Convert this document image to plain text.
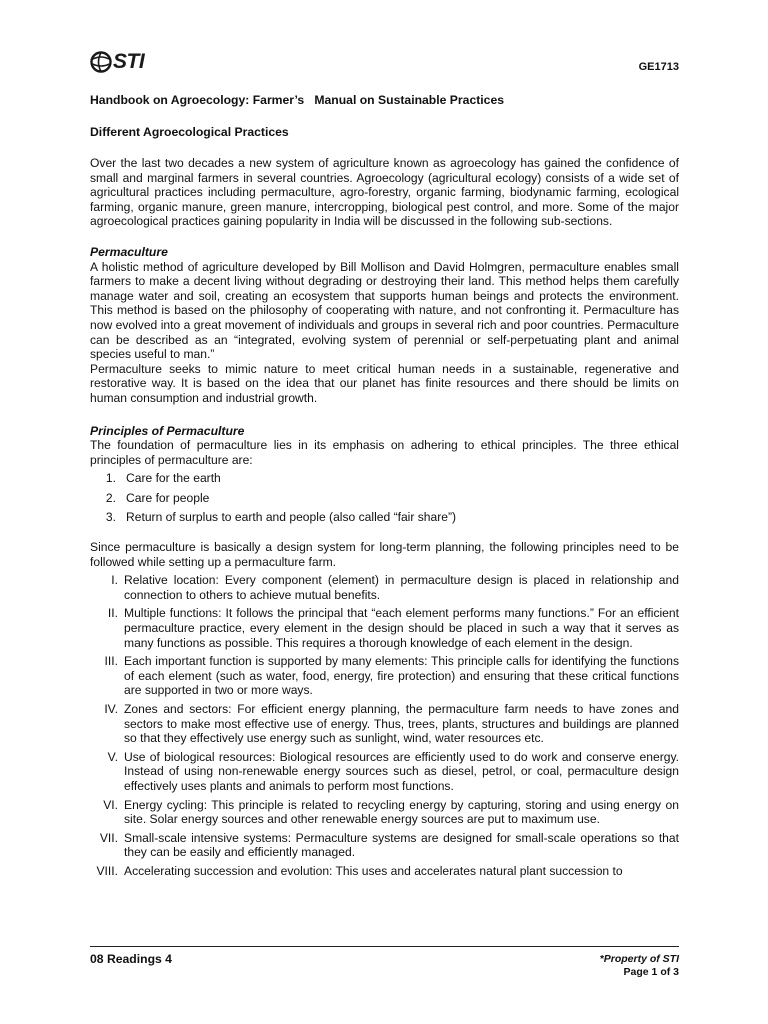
STI	GE1713
Handbook on Agroecology: Farmer’s   Manual on Sustainable Practices
Different Agroecological Practices

Over the last two decades a new system of agriculture known as agroecology has gained the confidence of small and marginal farmers in several countries. Agroecology (agricultural ecology) consists of a wide set of agricultural practices including permaculture, agro-forestry, organic farming, biodynamic farming, ecological farming, organic manure, green manure, intercropping, biological pest control, and more. Some of the major agroecological practices gaining popularity in India will be discussed in the following sub-sections.

Permaculture

A holistic method of agriculture developed by Bill Mollison and David Holmgren, permaculture enables small farmers to make a decent living without degrading or destroying their land. This method helps them carefully manage water and soil, creating an ecosystem that supports human beings and protects the environment. This method is based on the philosophy of cooperating with nature, and not confronting it. Permaculture has now evolved into a great movement of individuals and groups in several rich and poor countries. Permaculture can be described as an “integrated, evolving system of perennial or self-perpetuating plant and animal species useful to man.”

Permaculture seeks to mimic nature to meet critical human needs in a sustainable, regenerative and restorative way. It is based on the idea that our planet has finite resources and there should be limits on human consumption and industrial growth.

Principles of Permaculture

The foundation of permaculture lies in its emphasis on adhering to ethical principles. The three ethical principles of permaculture are:

1. Care for the earth
2. Care for people
3. Return of surplus to earth and people (also called “fair share”)

Since permaculture is basically a design system for long-term planning, the following principles need to be followed while setting up a permaculture farm.

I. Relative location: Every component (element) in permaculture design is placed in relationship and connection to others to achieve mutual benefits.
II. Multiple functions: It follows the principal that “each element performs many functions.” For an efficient permaculture practice, every element in the design should be placed in such a way that it serves as many functions as possible. This requires a thorough knowledge of each element in the design.
III. Each important function is supported by many elements: This principle calls for identifying the functions of each element (such as water, food, energy, fire protection) and ensuring that these critical functions are supported in two or more ways.
IV. Zones and sectors: For efficient energy planning, the permaculture farm needs to have zones and sectors to make most effective use of energy. Thus, trees, plants, structures and buildings are planned so that they effectively use energy such as sunlight, wind, water resources etc.
V. Use of biological resources: Biological resources are efficiently used to do work and conserve energy. Instead of using non-renewable energy sources such as diesel, petrol, or coal, permaculture design effectively uses plants and animals to perform most functions.
VI. Energy cycling: This principle is related to recycling energy by capturing, storing and using energy on site. Solar energy sources and other renewable energy sources are put to maximum use.
VII. Small-scale intensive systems: Permaculture systems are designed for small-scale operations so that they can be easily and efficiently managed.
VIII. Accelerating succession and evolution: This uses and accelerates natural plant succession to
08 Readings 4	*Property of STI
Page 1 of 3
